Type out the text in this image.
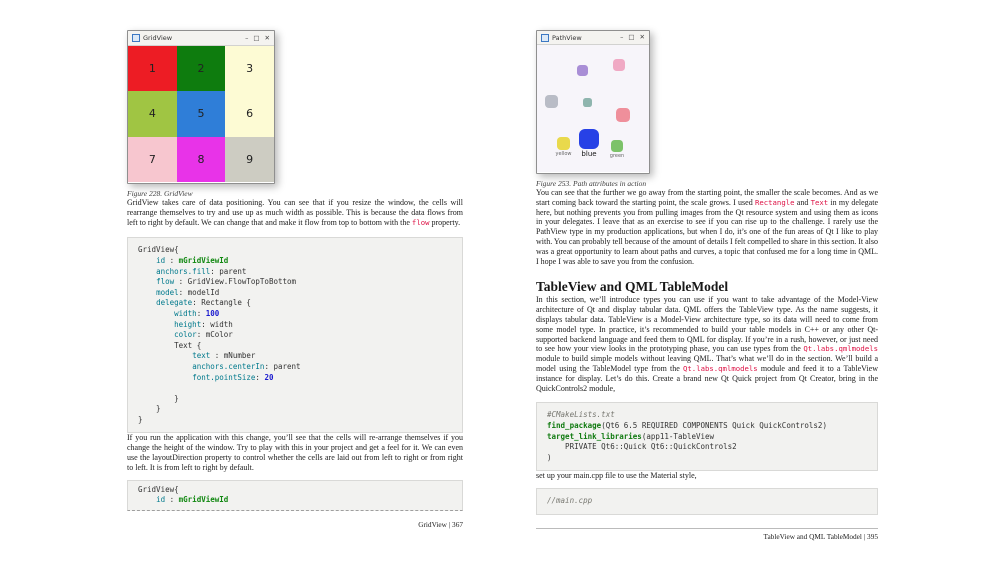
GridView	– □ ✕
1	2	3
4	5	6
7	8	9
Figure 228. GridView

GridView takes care of data positioning. You can see that if you resize the window, the cells will rearrange themselves to try and use up as much width as possible. This is because the data flows from left to right by default. We can change that and make it flow from top to bottom with the flow property.

GridView{
id : mGridViewId
anchors.fill: parent
flow : GridView.FlowTopToBottom
model: modelId
delegate: Rectangle {
width: 100
height: width
color: mColor
Text {
text : mNumber
anchors.centerIn: parent
font.pointSize: 20

}
}
}

If you run the application with this change, you’ll see that the cells will re-arrange themselves if you change the height of the window. Try to play with this in your project and get a feel for it. We can even use the layoutDirection property to control whether the cells are laid out from left to right or from right to left. It is from left to right by default.

GridView{
id : mGridViewId
GridView | 367
PathView	– □ ✕
yellow blue	green
Figure 253. Path attributes in action

You can see that the further we go away from the starting point, the smaller the scale becomes. And as we start coming back toward the starting point, the scale grows. I used Rectangle and Text in my delegate here, but nothing prevents you from pulling images from the Qt resource system and using them as icons in your delegates. I leave that as an exercise to see if you can rise up to the challenge. I rarely use the PathView type in my production applications, but when I do, it’s one of the fun areas of Qt I like to play with. You can probably tell because of the amount of details I felt compelled to share in this section. It also was a great opportunity to learn about paths and curves, a topic that confused me for a long time in QML. I hope I was able to save you from the confusion.

TableView and QML TableModel

In this section, we’ll introduce types you can use if you want to take advantage of the Model-View architecture of Qt and display tabular data. QML offers the TableView type. As the name suggests, it displays tabular data. TableView is a Model-View architecture type, so its data will need to come from some model type. In practice, it’s recommended to build your table models in C++ or any other Qt-supported backend language and feed them to QML for display. If you’re in a rush, however, or just need to see how your view looks in the prototyping phase, you can use types from the Qt.labs.qmlmodels module to build simple models without leaving QML. That’s what we’ll do in the section. We’ll build a model using the TableModel type from the Qt.labs.qmlmodels module and feed it to a TableView instance for display. Let’s do this. Create a brand new Qt Quick project from Qt Creator, bring in the QuickControls2 module,

#CMakeLists.txt
find_package(Qt6 6.5 REQUIRED COMPONENTS Quick QuickControls2)
target_link_libraries(app11-TableView
PRIVATE Qt6::Quick Qt6::QuickControls2
)

set up your main.cpp file to use the Material style,

//main.cpp
TableView and QML TableModel | 395
